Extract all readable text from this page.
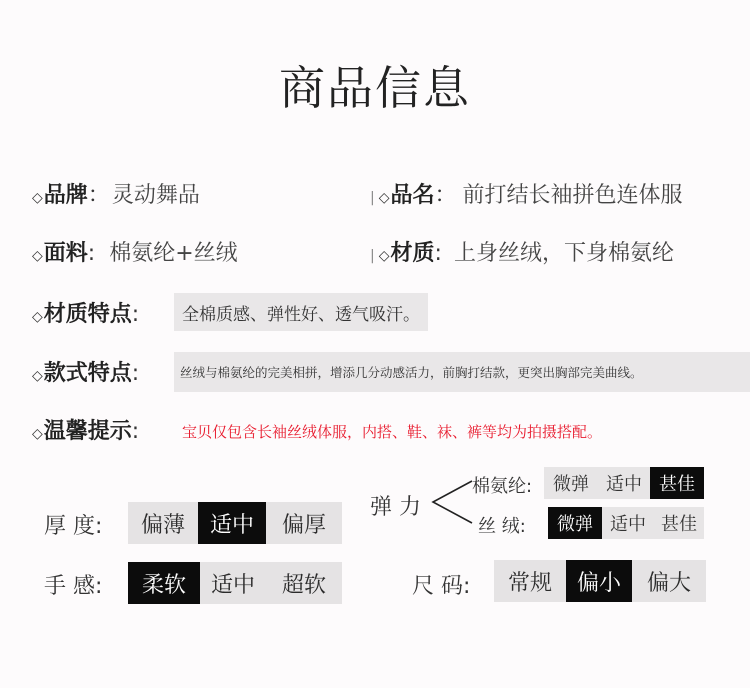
商品信息
◇品牌：灵动舞品	| ◇品名： 前打结长袖拼色连体服
◇面料: 棉氨纶+丝绒	| ◇材质: 上身丝绒，下身棉氨纶
◇材质特点:	全棉质感、弹性好、透气吸汗。
◇款式特点:	丝绒与棉氨纶的完美相拼，增添几分动感活力，前胸打结款，更突出胸部完美曲线。
◇温馨提示:	宝贝仅包含长袖丝绒体服，内搭、鞋、袜、裤等均为拍摄搭配。
厚 度:	偏薄	适中	偏厚
手 感:	柔软	适中	超软
弹 力
棉氨纶:	微弹 适中 甚佳
丝 绒:	微弹 适中 甚佳
尺 码:	常规	偏小	偏大
